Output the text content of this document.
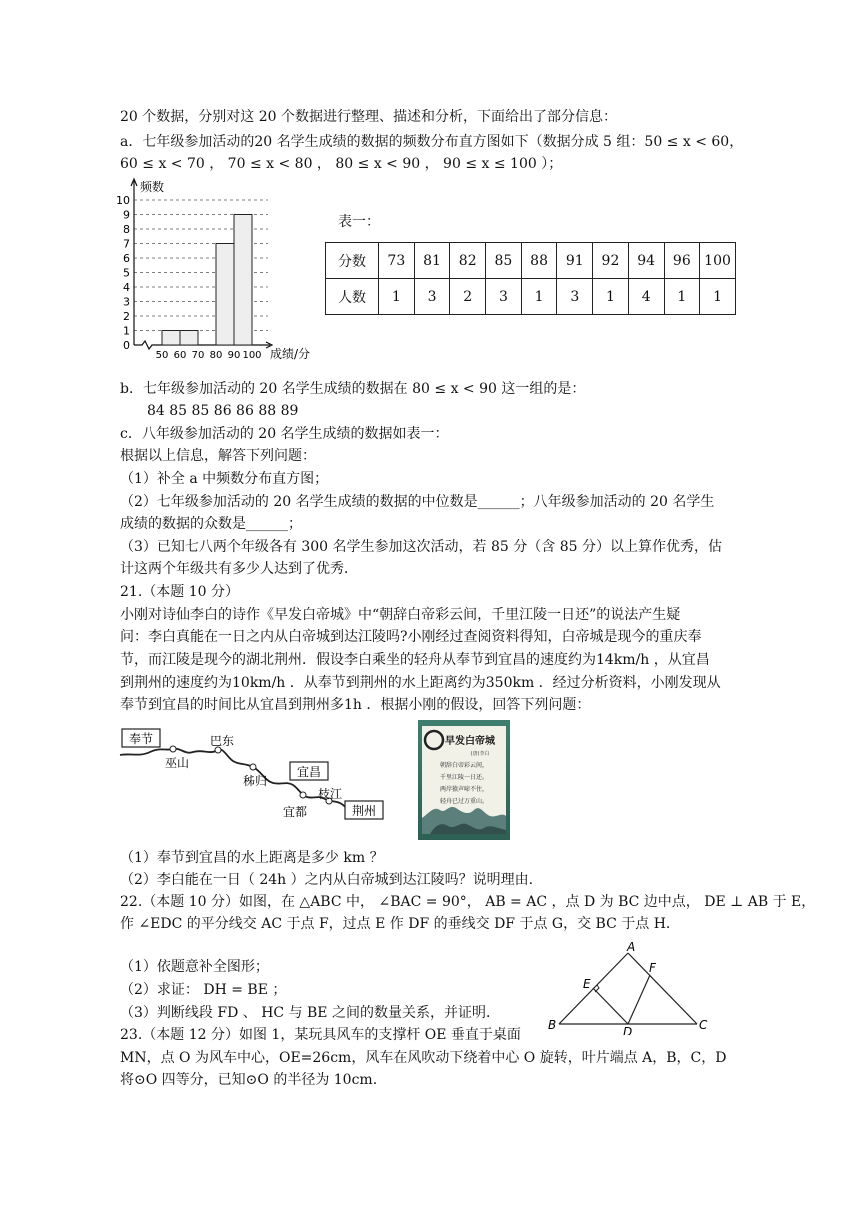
20 个数据，分别对这 20 个数据进行整理、描述和分析，下面给出了部分信息：
a．七年级参加活动的20 名学生成绩的数据的频数分布直方图如下（数据分成 5 组：50 ≤ x < 60，
60 ≤ x < 70 ， 70 ≤ x < 80 ， 80 ≤ x < 90 ， 90 ≤ x ≤ 100 ）；
0
1
2
3
4
5
6
7
8
9
10
50 60 70 80 90 100
频数
成绩/分
表一：
分数	73	81	82	85	88	91	92	94	96	100
人数	1	3	2	3	1	3	1	4	1	1
b．七年级参加活动的 20 名学生成绩的数据在 80 ≤ x < 90 这一组的是：
84 85 85 86 86 88 89
c．八年级参加活动的 20 名学生成绩的数据如表一：
根据以上信息，解答下列问题：
（1）补全 a 中频数分布直方图；
（2）七年级参加活动的 20 名学生成绩的数据的中位数是______；八年级参加活动的 20 名学生
成绩的数据的众数是______；
（3）已知七八两个年级各有 300 名学生参加这次活动，若 85 分（含 85 分）以上算作优秀，估
计这两个年级共有多少人达到了优秀．
21.（本题 10 分）
小刚对诗仙李白的诗作《早发白帝城》中“朝辞白帝彩云间，千里江陵一日还”的说法产生疑
问：李白真能在一日之内从白帝城到达江陵吗?小刚经过查阅资料得知，白帝城是现今的重庆奉
节，而江陵是现今的湖北荆州．假设李白乘坐的轻舟从奉节到宜昌的速度约为14km/h ，从宜昌
到荆州的速度约为10km/h ．从奉节到荆州的水上距离约为350km ．经过分析资料，小刚发现从
奉节到宜昌的时间比从宜昌到荆州多1h ．根据小刚的假设，回答下列问题：
奉节
巫山
巴东
秭归
宜昌
宜都
枝江
荆州
早发白帝城
(唐)李白
朝辞白帝彩云间，
千里江陵一日还。
两岸猿声啼不住，
轻舟已过万重山。
（1）奉节到宜昌的水上距离是多少 km ？
（2）李白能在一日（ 24h ）之内从白帝城到达江陵吗？说明理由.
22.（本题 10 分）如图，在 △ABC 中， ∠BAC = 90°， AB = AC ，点 D 为 BC 边中点， DE ⊥ AB 于 E，
作 ∠EDC 的平分线交 AC 于点 F，过点 E 作 DF 的垂线交 DF 于点 G，交 BC 于点 H．
（1）依题意补全图形；
（2）求证： DH = BE ；
（3）判断线段 FD 、 HC 与 BE 之间的数量关系，并证明．
A
E
F
B	D	C
23.（本题 12 分）如图 1，某玩具风车的支撑杆 OE 垂直于桌面
MN，点 O 为风车中心，OE=26cm，风车在风吹动下绕着中心 O 旋转，叶片端点 A，B，C，D
将⊙O 四等分，已知⊙O 的半径为 10cm.
